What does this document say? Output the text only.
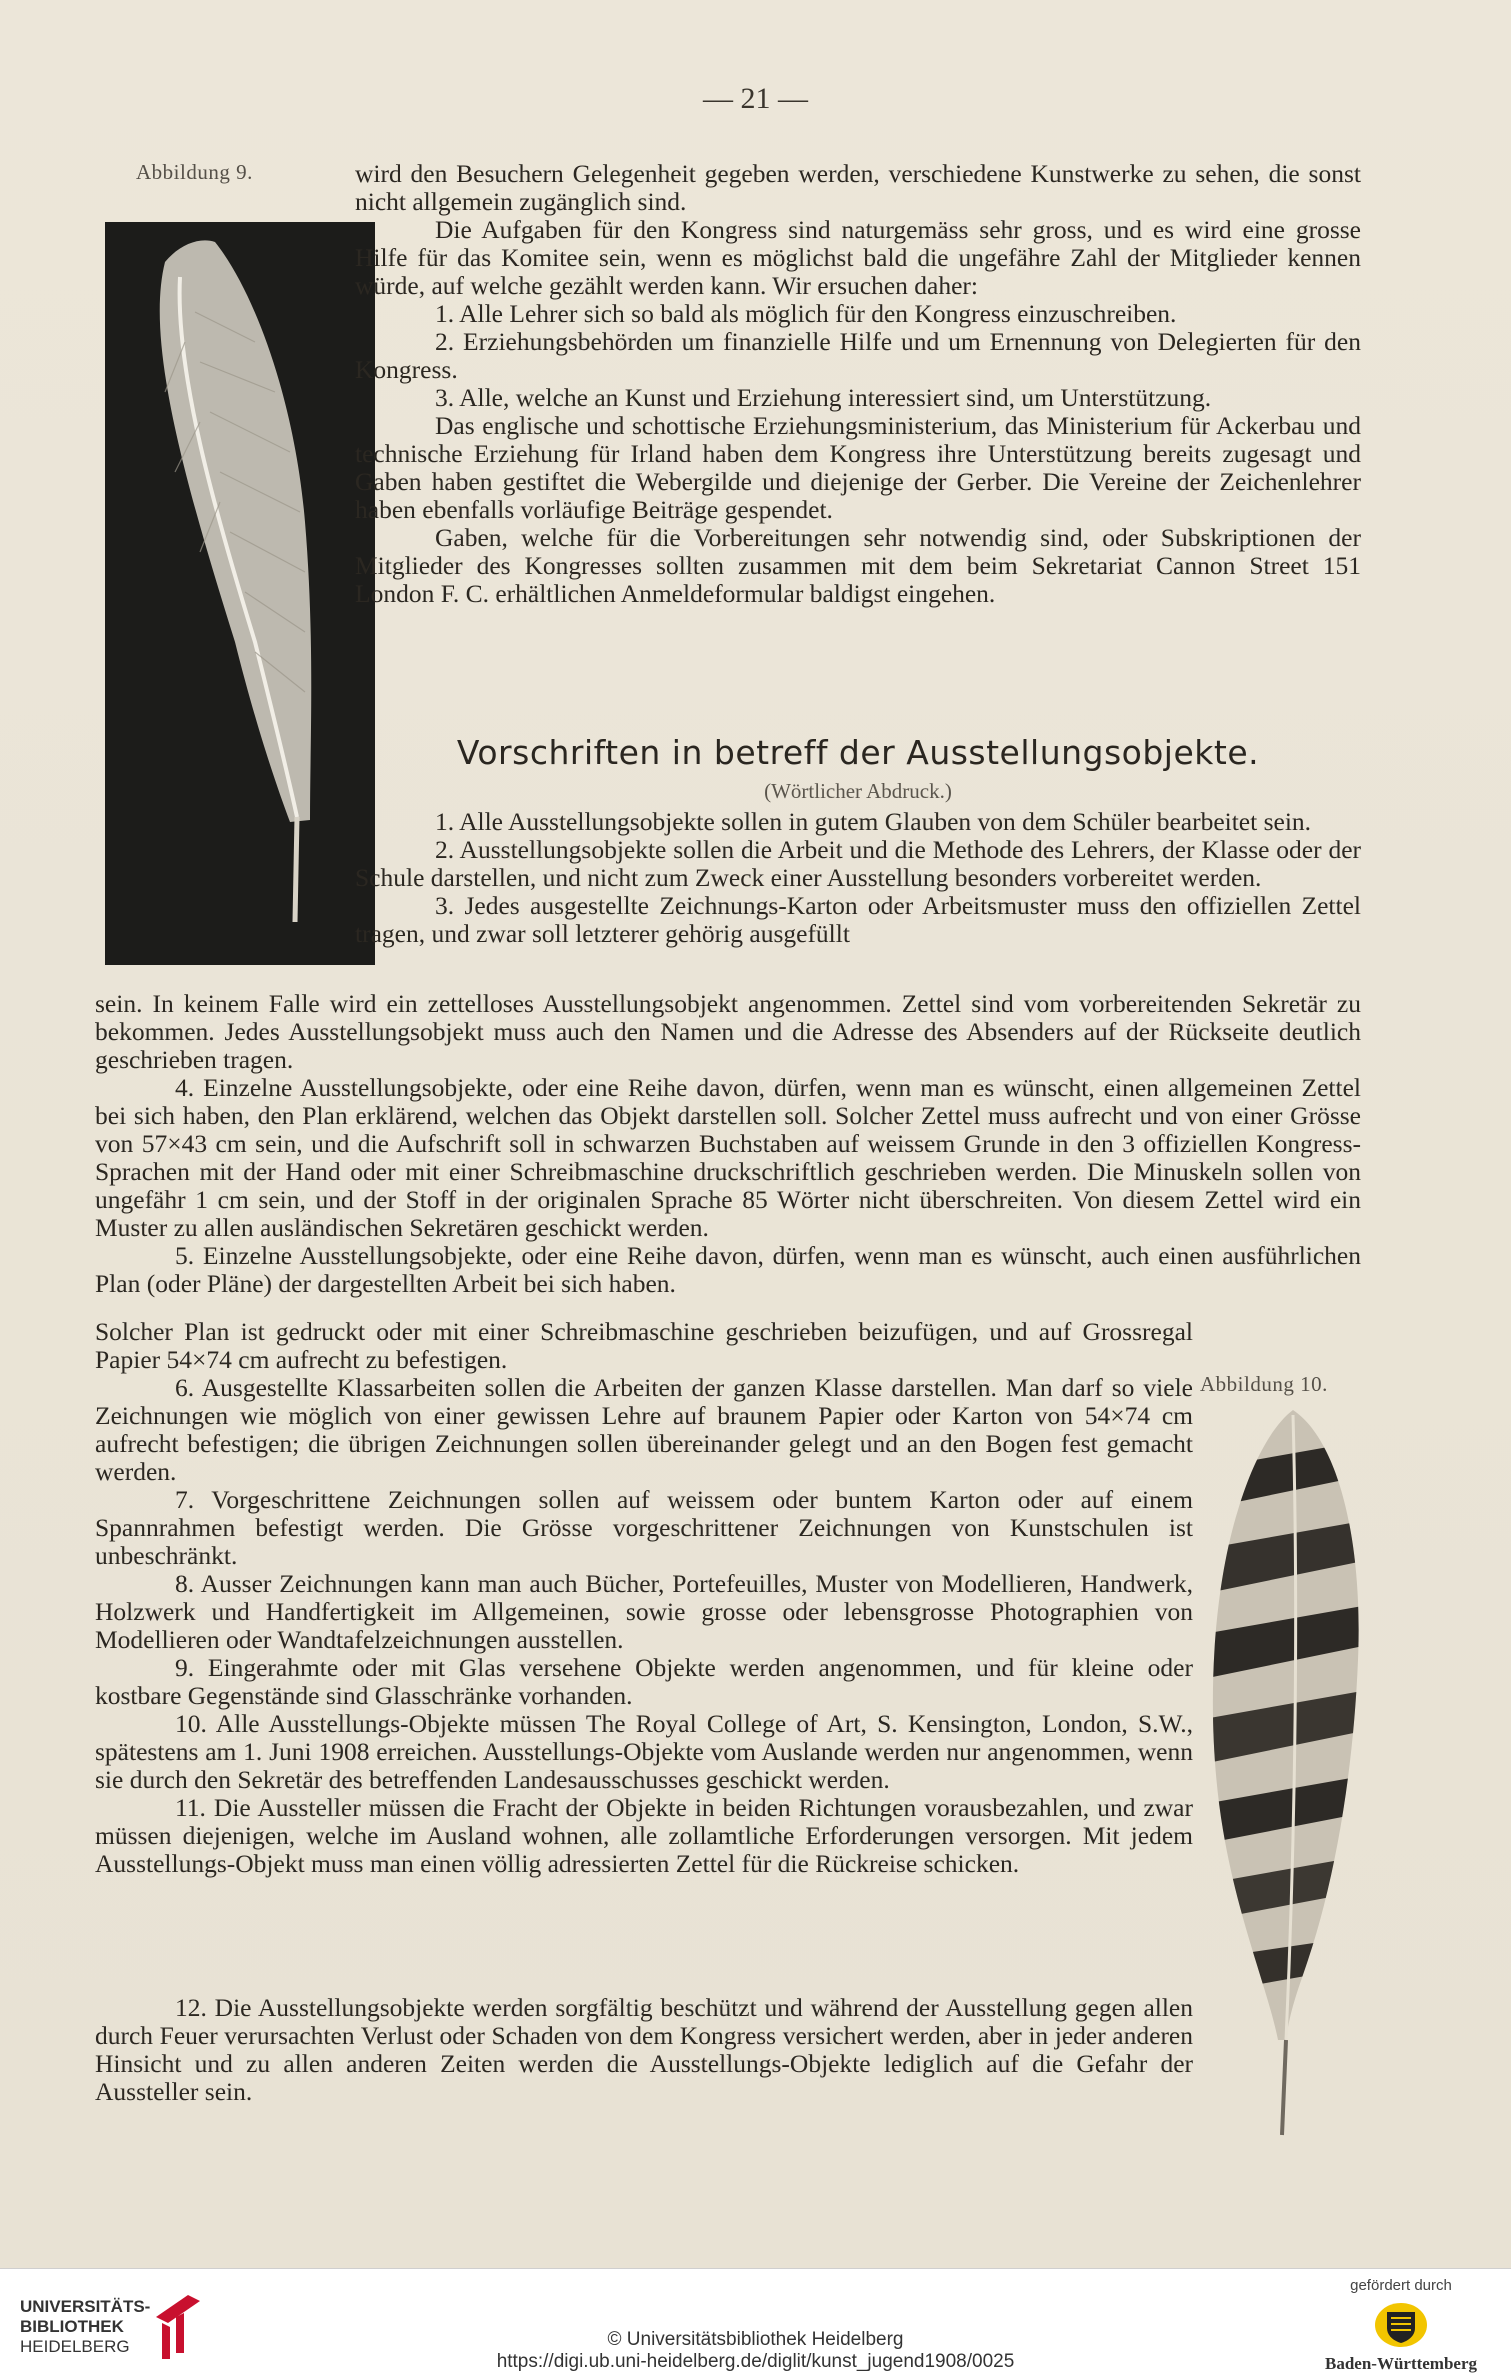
— 21 —
Abbildung 9.	wird den Besuchern Gelegenheit gegeben werden, verschiedene Kunstwerke zu sehen, die sonst nicht allgemein zugänglich sind.

Die Aufgaben für den Kongress sind naturgemäss sehr gross, und es wird eine grosse Hilfe für das Komitee sein, wenn es möglichst bald die ungefähre Zahl der Mitglieder kennen würde, auf welche gezählt werden kann. Wir ersuchen daher:

1. Alle Lehrer sich so bald als möglich für den Kongress einzuschreiben.

2. Erziehungsbehörden um finanzielle Hilfe und um Ernennung von Delegierten für den Kongress.

3. Alle, welche an Kunst und Erziehung interessiert sind, um Unterstützung.

Das englische und schottische Erziehungsministerium, das Ministerium für Ackerbau und technische Erziehung für Irland haben dem Kongress ihre Unterstützung bereits zugesagt und Gaben haben gestiftet die Webergilde und diejenige der Gerber. Die Vereine der Zeichenlehrer haben ebenfalls vorläufige Beiträge gespendet.

Gaben, welche für die Vorbereitungen sehr notwendig sind, oder Subskriptionen der Mitglieder des Kongresses sollten zusammen mit dem beim Sekretariat Cannon Street 151 London F. C. erhältlichen Anmeldeformular baldigst eingehen.

Vorschriften in betreff der Ausstellungsobjekte.
(Wörtlicher Abdruck.)

1. Alle Ausstellungsobjekte sollen in gutem Glauben von dem Schüler bearbeitet sein.

2. Ausstellungsobjekte sollen die Arbeit und die Methode des Lehrers, der Klasse oder der Schule darstellen, und nicht zum Zweck einer Ausstellung besonders vorbereitet werden.

3. Jedes ausgestellte Zeichnungs-Karton oder Arbeitsmuster muss den offiziellen Zettel tragen, und zwar soll letzterer gehörig ausgefüllt

sein. In keinem Falle wird ein zettelloses Ausstellungsobjekt angenommen. Zettel sind vom vorbereitenden Sekretär zu bekommen. Jedes Ausstellungsobjekt muss auch den Namen und die Adresse des Absenders auf der Rückseite deutlich geschrieben tragen.

4. Einzelne Ausstellungsobjekte, oder eine Reihe davon, dürfen, wenn man es wünscht, einen allgemeinen Zettel bei sich haben, den Plan erklärend, welchen das Objekt darstellen soll. Solcher Zettel muss aufrecht und von einer Grösse von 57×43 cm sein, und die Aufschrift soll in schwarzen Buchstaben auf weissem Grunde in den 3 offiziellen Kongress-Sprachen mit der Hand oder mit einer Schreibmaschine druckschriftlich geschrieben werden. Die Minuskeln sollen von ungefähr 1 cm sein, und der Stoff in der originalen Sprache 85 Wörter nicht überschreiten. Von diesem Zettel wird ein Muster zu allen ausländischen Sekretären geschickt werden.

5. Einzelne Ausstellungsobjekte, oder eine Reihe davon, dürfen, wenn man es wünscht, auch einen ausführlichen Plan (oder Pläne) der dargestellten Arbeit bei sich haben.

Abbildung 10.

Solcher Plan ist gedruckt oder mit einer Schreibmaschine geschrieben beizufügen, und auf Grossregal Papier 54×74 cm aufrecht zu befestigen.

6. Ausgestellte Klassarbeiten sollen die Arbeiten der ganzen Klasse darstellen. Man darf so viele Zeichnungen wie möglich von einer gewissen Lehre auf braunem Papier oder Karton von 54×74 cm aufrecht befestigen; die übrigen Zeichnungen sollen übereinander gelegt und an den Bogen fest gemacht werden.

7. Vorgeschrittene Zeichnungen sollen auf weissem oder buntem Karton oder auf einem Spannrahmen befestigt werden. Die Grösse vorgeschrittener Zeichnungen von Kunstschulen ist unbeschränkt.

8. Ausser Zeichnungen kann man auch Bücher, Portefeuilles, Muster von Modellieren, Handwerk, Holzwerk und Handfertigkeit im Allgemeinen, sowie grosse oder lebensgrosse Photographien von Modellieren oder Wandtafelzeichnungen ausstellen.

9. Eingerahmte oder mit Glas versehene Objekte werden angenommen, und für kleine oder kostbare Gegenstände sind Glasschränke vorhanden.

10. Alle Ausstellungs-Objekte müssen The Royal College of Art, S. Kensington, London, S.W., spätestens am 1. Juni 1908 erreichen. Ausstellungs-Objekte vom Auslande werden nur angenommen, wenn sie durch den Sekretär des betreffenden Landesausschusses geschickt werden.

11. Die Aussteller müssen die Fracht der Objekte in beiden Richtungen vorausbezahlen, und zwar müssen diejenigen, welche im Ausland wohnen, alle zollamtliche Erforderungen versorgen. Mit jedem Ausstellungs-Objekt muss man einen völlig adressierten Zettel für die Rückreise schicken.

12. Die Ausstellungsobjekte werden sorgfältig beschützt und während der Ausstellung gegen allen durch Feuer verursachten Verlust oder Schaden von dem Kongress versichert werden, aber in jeder anderen Hinsicht und zu allen anderen Zeiten werden die Ausstellungs-Objekte lediglich auf die Gefahr der Aussteller sein.

UNIVERSITÄTS-
BIBLIOTHEK
HEIDELBERG	© Universitätsbibliothek Heidelberg
https://digi.ub.uni-heidelberg.de/diglit/kunst_jugend1908/0025
gefördert durch
Baden-Württemberg
